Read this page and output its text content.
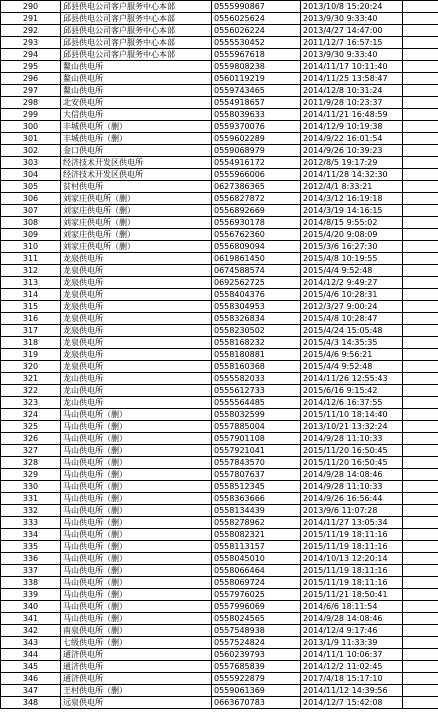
290	邱县供电公司客户服务中心本部	0555990867	2013/10/8 15:20:24	
291	邱县供电公司客户服务中心本部	0556025624	2013/9/30 9:33:40	
292	邱县供电公司客户服务中心本部	0556026224	2013/4/27 14:47:00	
293	邱县供电公司客户服务中心本部	0555530452	2011/12/7 16:57:15	
294	邱县供电公司客户服务中心本部	0555967618	2013/9/30 9:33:40	
295	鳌山供电所	0559808238	2014/11/17 10:11:40	
296	鳌山供电所	0560119219	2014/11/25 13:58:47	
297	鳌山供电所	0559743465	2014/12/8 10:31:24	
298	北安供电所	0554918657	2011/9/28 10:23:37	
299	大信供电所	0558039633	2014/11/21 16:48:59	
300	丰城供电所（删）	0559370076	2014/12/9 10:19:38	
301	丰城供电所（删）	0559602289	2014/9/22 16:01:54	
302	金口供电所	0559068979	2014/9/26 10:39:23	
303	经济技术开发区供电所	0554916172	2012/8/5 19:17:29	
304	经济技术开发区供电所	0555966006	2014/11/28 14:32:30	
305	贫村供电所	0627386365	2012/4/1 8:33:21	
306	刘家庄供电所（删）	0556827872	2014/3/12 16:19:18	
307	刘家庄供电所（删）	0556892669	2014/3/19 14:16:15	
308	刘家庄供电所（删）	0556930178	2014/8/15 9:55:02	
309	刘家庄供电所（删）	0556762360	2015/4/20 9:08:09	
310	刘家庄供电所（删）	0556809094	2015/3/6 16:27:30	
311	龙泉供电所	0619861450	2015/4/8 10:19:55	
312	龙泉供电所	0674588574	2015/4/4 9:52:48	
313	龙泉供电所	0692562725	2014/12/2 9:49:27	
314	龙泉供电所	0558404376	2015/4/6 10:28:31	
315	龙泉供电所	0558304953	2012/3/27 9:00:24	
316	龙泉供电所	0558326834	2015/4/8 10:28:47	
317	龙泉供电所	0558230502	2015/4/24 15:05:48	
318	龙泉供电所	0558168232	2015/4/3 14:35:35	
319	龙泉供电所	0558180881	2015/4/6 9:56:21	
320	龙泉供电所	0558160368	2015/4/4 9:52:48	
321	龙山供电所	0555582033	2014/11/26 12:55:43	
322	龙山供电所	0555612733	2015/6/16 9:15:42	
323	龙山供电所	0555564485	2014/12/6 16:37:55	
324	马山供电所（删）	0558032599	2015/11/10 18:14:40	
325	马山供电所（删）	0557885004	2013/10/21 13:32:24	
326	马山供电所（删）	0557901108	2014/9/28 11:10:33	
327	马山供电所（删）	0557921041	2015/11/20 16:50:45	
328	马山供电所（删）	0557843570	2015/11/20 16:50:45	
329	马山供电所（删）	0557807637	2014/9/28 14:08:46	
330	马山供电所（删）	0558512345	2014/9/28 11:10:33	
331	马山供电所（删）	0558363666	2014/9/26 16:56:44	
332	马山供电所（删）	0558134439	2013/9/6 11:07:28	
333	马山供电所（删）	0558278962	2014/11/27 13:05:34	
334	马山供电所（删）	0558082321	2015/11/19 18:11:16	
335	马山供电所（删）	0558113157	2015/11/19 18:11:16	
336	马山供电所（删）	0558045010	2014/10/13 12:20:14	
337	马山供电所（删）	0558066464	2015/11/19 18:11:16	
338	马山供电所（删）	0558069724	2015/11/19 18:11:16	
339	马山供电所（删）	0557976025	2015/11/21 18:50:41	
340	马山供电所（删）	0557996069	2014/6/6 18:11:54	
341	马山供电所（删）	0558024565	2014/9/28 14:08:46	
342	南泉供电所（删）	0557548938	2014/12/4 9:17:46	
343	七级供电所（删）	0557524824	2013/1/9 11:33:39	
344	通济供电所	0560239793	2014/11/1 10:06:37	
345	通济供电所	0557685839	2014/12/2 11:02:45	
346	通济供电所	0555922879	2017/4/18 15:17:10	
347	王村供电所（删）	0559061369	2014/11/12 14:39:56	
348	远泉供电所	0663670783	2014/12/7 15:42:08	
